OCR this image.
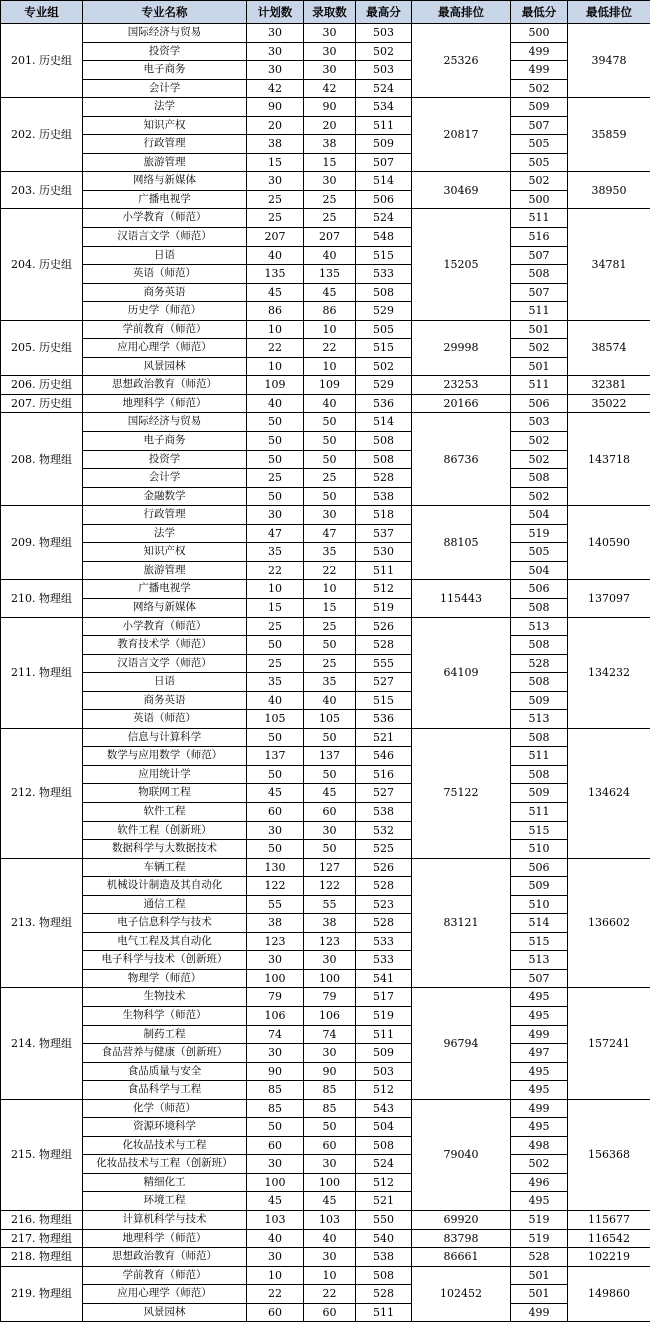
专业组	专业名称	计划数	录取数	最高分	最高排位	最低分	最低排位
201. 历史组	国际经济与贸易	30	30	503	25326	500	39478
	投资学	30	30	502		499	
	电子商务	30	30	503		499	
	会计学	42	42	524		502	
202. 历史组	法学	90	90	534	20817	509	35859
	知识产权	20	20	511		507	
	行政管理	38	38	509		505	
	旅游管理	15	15	507		505	
203. 历史组	网络与新媒体	30	30	514	30469	502	38950
	广播电视学	25	25	506		500	
204. 历史组	小学教育（师范）	25	25	524	15205	511	34781
	汉语言文学（师范）	207	207	548		516	
	日语	40	40	515		507	
	英语（师范）	135	135	533		508	
	商务英语	45	45	508		507	
	历史学（师范）	86	86	529		511	
205. 历史组	学前教育（师范）	10	10	505	29998	501	38574
	应用心理学（师范）	22	22	515		502	
	风景园林	10	10	502		501	
206. 历史组	思想政治教育（师范）	109	109	529	23253	511	32381
207. 历史组	地理科学（师范）	40	40	536	20166	506	35022
208. 物理组	国际经济与贸易	50	50	514	86736	503	143718
	电子商务	50	50	508		502	
	投资学	50	50	508		502	
	会计学	25	25	528		508	
	金融数学	50	50	538		502	
209. 物理组	行政管理	30	30	518	88105	504	140590
	法学	47	47	537		519	
	知识产权	35	35	530		505	
	旅游管理	22	22	511		504	
210. 物理组	广播电视学	10	10	512	115443	506	137097
	网络与新媒体	15	15	519		508	
211. 物理组	小学教育（师范）	25	25	526	64109	513	134232
	教育技术学（师范）	50	50	528		508	
	汉语言文学（师范）	25	25	555		528	
	日语	35	35	527		508	
	商务英语	40	40	515		509	
	英语（师范）	105	105	536		513	
212. 物理组	信息与计算科学	50	50	521	75122	508	134624
	数学与应用数学（师范）	137	137	546		511	
	应用统计学	50	50	516		508	
	物联网工程	45	45	527		509	
	软件工程	60	60	538		511	
	软件工程（创新班）	30	30	532		515	
	数据科学与大数据技术	50	50	525		510	
213. 物理组	车辆工程	130	127	526	83121	506	136602
	机械设计制造及其自动化	122	122	528		509	
	通信工程	55	55	523		510	
	电子信息科学与技术	38	38	528		514	
	电气工程及其自动化	123	123	533		515	
	电子科学与技术（创新班）	30	30	533		513	
	物理学（师范）	100	100	541		507	
214. 物理组	生物技术	79	79	517	96794	495	157241
	生物科学（师范）	106	106	519		495	
	制药工程	74	74	511		499	
	食品营养与健康（创新班）	30	30	509		497	
	食品质量与安全	90	90	503		495	
	食品科学与工程	85	85	512		495	
215. 物理组	化学（师范）	85	85	543	79040	499	156368
	资源环境科学	50	50	504		495	
	化妆品技术与工程	60	60	508		498	
	化妆品技术与工程（创新班）	30	30	524		502	
	精细化工	100	100	512		496	
	环境工程	45	45	521		495	
216. 物理组	计算机科学与技术	103	103	550	69920	519	115677
217. 物理组	地理科学（师范）	40	40	540	83798	519	116542
218. 物理组	思想政治教育（师范）	30	30	538	86661	528	102219
219. 物理组	学前教育（师范）	10	10	508	102452	501	149860
	应用心理学（师范）	22	22	528		501	
	风景园林	60	60	511		499	
